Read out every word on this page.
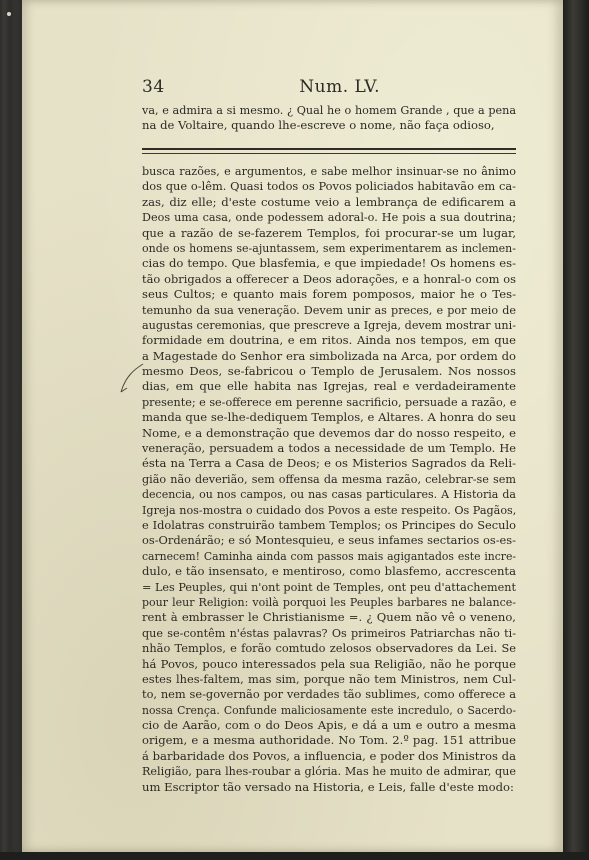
34	Num. LV.
va, e admira a si mesmo. ¿ Qual he o homem Grande , que a pena
na de Voltaire, quando lhe-escreve o nome, não faça odioso,
busca razões, e argumentos, e sabe melhor insinuar-se no ânimo
dos que o-lêm. Quasi todos os Povos policiados habitavão em ca-
zas, diz elle; d'este costume veio a lembrança de edificarem a
Deos uma casa, onde podessem adoral-o. He pois a sua doutrina;
que a razão de se-fazerem Templos, foi procurar-se um lugar,
onde os homens se-ajuntassem, sem experimentarem as inclemen-
cias do tempo. Que blasfemia, e que impiedade! Os homens es-
tão obrigados a offerecer a Deos adorações, e a honral-o com os
seus Cultos; e quanto mais forem pomposos, maior he o Tes-
temunho da sua veneração. Devem unir as preces, e por meio de
augustas ceremonias, que prescreve a Igreja, devem mostrar uni-
formidade em doutrina, e em ritos. Ainda nos tempos, em que
a Magestade do Senhor era simbolizada na Arca, por ordem do
mesmo Deos, se-fabricou o Templo de Jerusalem. Nos nossos
dias, em que elle habita nas Igrejas, real e verdadeiramente
presente; e se-offerece em perenne sacrificio, persuade a razão, e
manda que se-lhe-dediquem Templos, e Altares. A honra do seu
Nome, e a demonstração que devemos dar do nosso respeito, e
veneração, persuadem a todos a necessidade de um Templo. He
ésta na Terra a Casa de Deos; e os Misterios Sagrados da Reli-
gião não deverião, sem offensa da mesma razão, celebrar-se sem
decencia, ou nos campos, ou nas casas particulares. A Historia da
Igreja nos-mostra o cuidado dos Povos a este respeito. Os Pagãos,
e Idolatras construirão tambem Templos; os Principes do Seculo
os-Ordenárão; e só Montesquieu, e seus infames sectarios os-es-
carnecem! Caminha ainda com passos mais agigantados este incre-
dulo, e tão insensato, e mentiroso, como blasfemo, accrescenta
= Les Peuples, qui n'ont point de Temples, ont peu d'attachement
pour leur Religion: voilà porquoi les Peuples barbares ne balance-
rent à embrasser le Christianisme =. ¿ Quem não vê o veneno,
que se-contêm n'éstas palavras? Os primeiros Patriarchas não ti-
nhão Templos, e forão comtudo zelosos observadores da Lei. Se
há Povos, pouco interessados pela sua Religião, não he porque
estes lhes-faltem, mas sim, porque não tem Ministros, nem Cul-
to, nem se-governão por verdades tão sublimes, como offerece a
nossa Crença. Confunde maliciosamente este incredulo, o Sacerdo-
cio de Aarão, com o do Deos Apis, e dá a um e outro a mesma
origem, e a mesma authoridade. No Tom. 2.º pag. 151 attribue
á barbaridade dos Povos, a influencia, e poder dos Ministros da
Religião, para lhes-roubar a glória. Mas he muito de admirar, que
um Escriptor tão versado na Historia, e Leis, falle d'este modo:
